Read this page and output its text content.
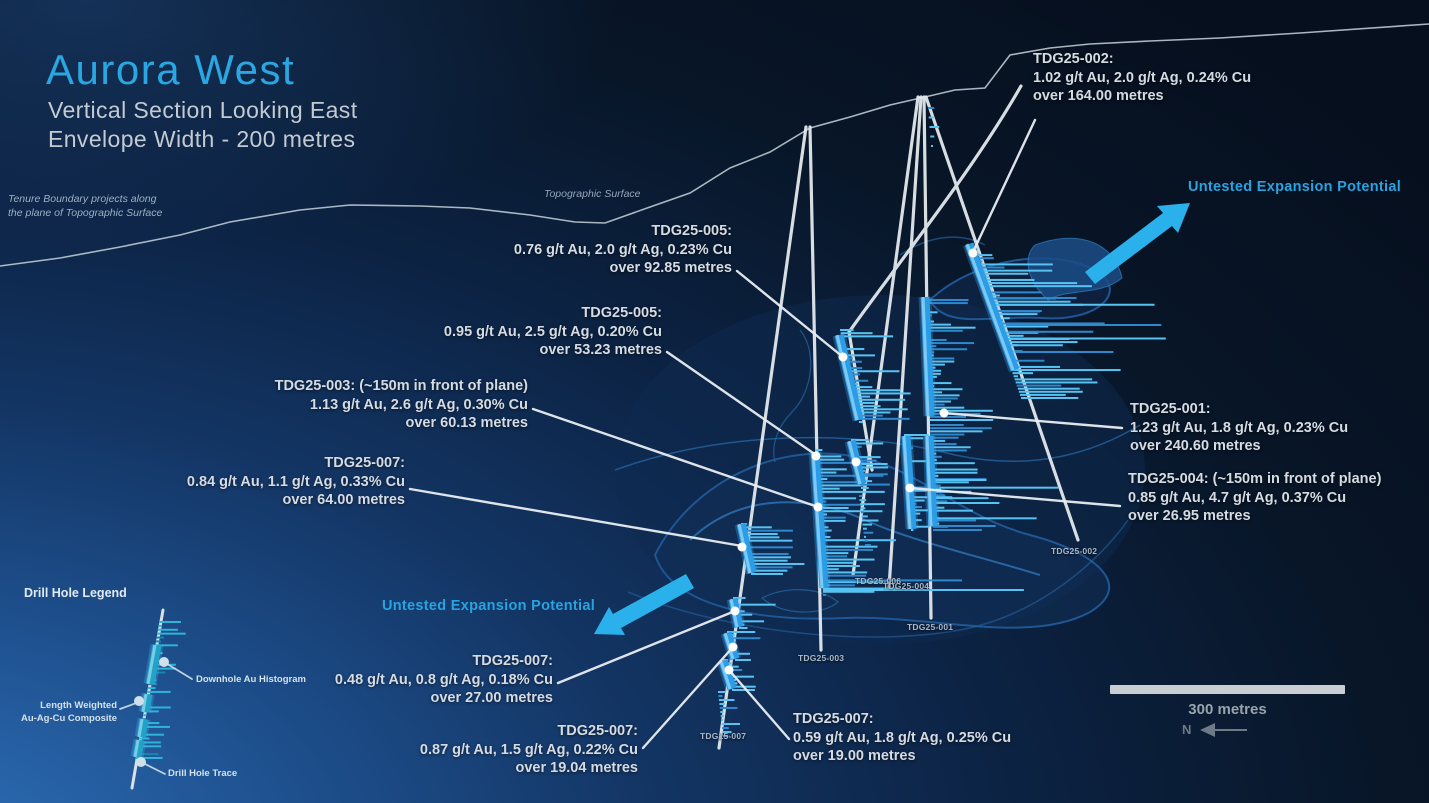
Aurora West
Vertical Section Looking East
Envelope Width - 200 metres
Tenure Boundary projects along
the plane of Topographic Surface
Topographic Surface	Untested Expansion Potential
Untested Expansion Potential
TDG25-002:
1.02 g/t Au, 2.0 g/t Ag, 0.24% Cu
over 164.00 metres
TDG25-005:
0.76 g/t Au, 2.0 g/t Ag, 0.23% Cu
over 92.85 metres
TDG25-005:
0.95 g/t Au, 2.5 g/t Ag, 0.20% Cu
over 53.23 metres
TDG25-003: (~150m in front of plane)
1.13 g/t Au, 2.6 g/t Ag, 0.30% Cu
over 60.13 metres
TDG25-007:
0.84 g/t Au, 1.1 g/t Ag, 0.33% Cu
over 64.00 metres
TDG25-007:
0.48 g/t Au, 0.8 g/t Ag, 0.18% Cu
over 27.00 metres
TDG25-007:
0.87 g/t Au, 1.5 g/t Ag, 0.22% Cu
over 19.04 metres
TDG25-007:
0.59 g/t Au, 1.8 g/t Ag, 0.25% Cu
over 19.00 metres
TDG25-001:
1.23 g/t Au, 1.8 g/t Ag, 0.23% Cu
over 240.60 metres
TDG25-004: (~150m in front of plane)
0.85 g/t Au, 4.7 g/t Ag, 0.37% Cu
over 26.95 metres
TDG25-003
TDG25-007
TDG25-006
TDG25-004
TDG25-001
TDG25-002
Drill Hole Legend
Downhole Au Histogram
Length Weighted
Au-Ag-Cu Composite
Drill Hole Trace
300 metres
N
